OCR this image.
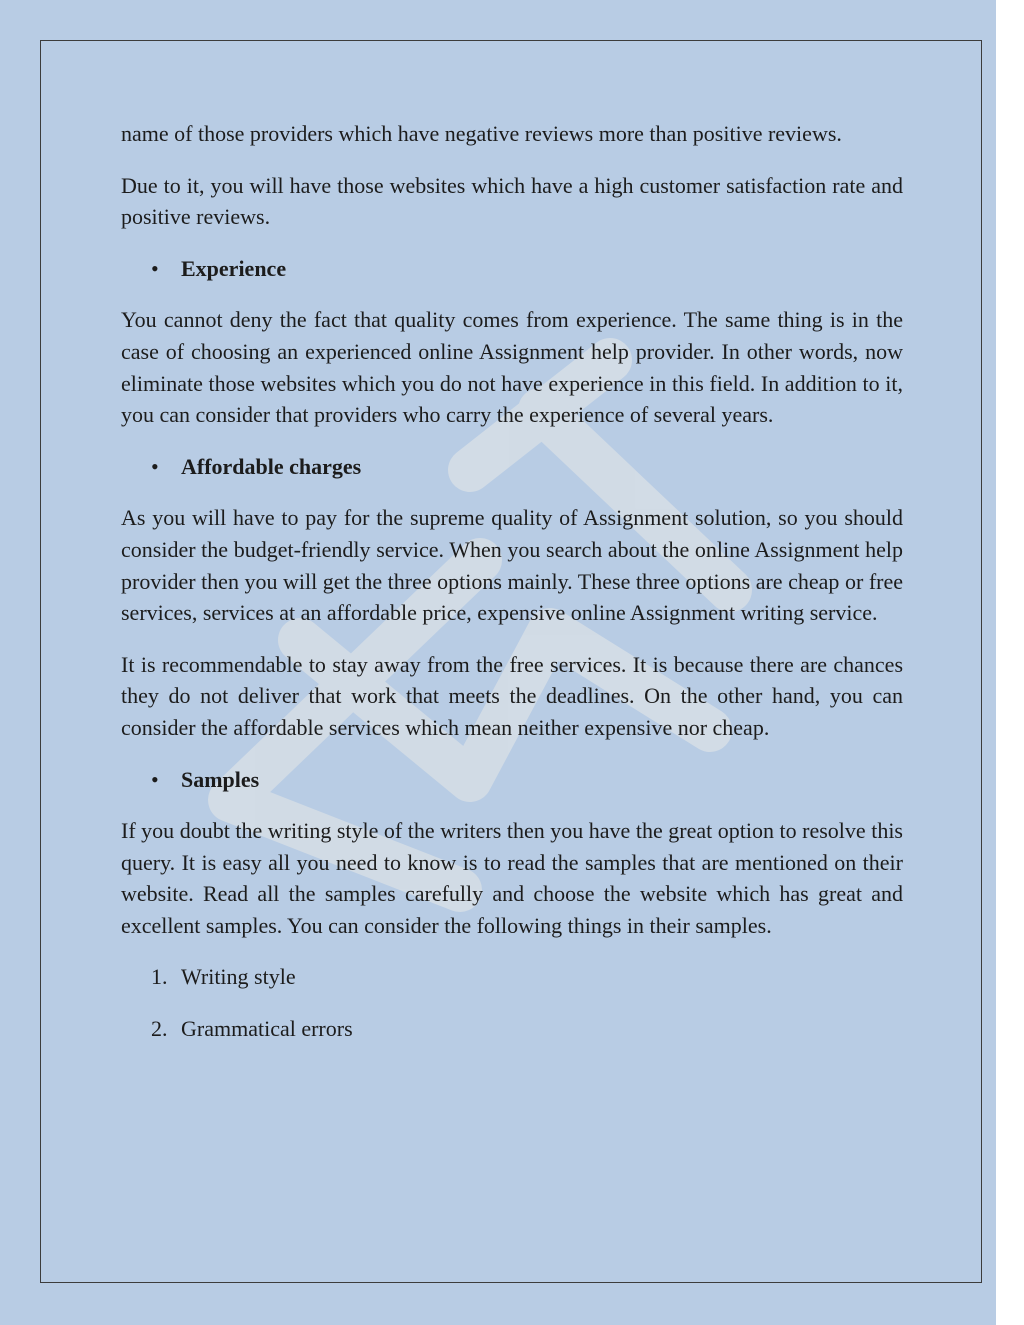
name of those providers which have negative reviews more than positive reviews.

Due to it, you will have those websites which have a high customer satisfaction rate and positive reviews.

• Experience

You cannot deny the fact that quality comes from experience. The same thing is in the case of choosing an experienced online Assignment help provider. In other words, now eliminate those websites which you do not have experience in this field. In addition to it, you can consider that providers who carry the experience of several years.

• Affordable charges

As you will have to pay for the supreme quality of Assignment solution, so you should consider the budget-friendly service. When you search about the online Assignment help provider then you will get the three options mainly. These three options are cheap or free services, services at an affordable price, expensive online Assignment writing service.

It is recommendable to stay away from the free services. It is because there are chances they do not deliver that work that meets the deadlines. On the other hand, you can consider the affordable services which mean neither expensive nor cheap.

• Samples

If you doubt the writing style of the writers then you have the great option to resolve this query. It is easy all you need to know is to read the samples that are mentioned on their website. Read all the samples carefully and choose the website which has great and excellent samples. You can consider the following things in their samples.

1. Writing style
2. Grammatical errors
